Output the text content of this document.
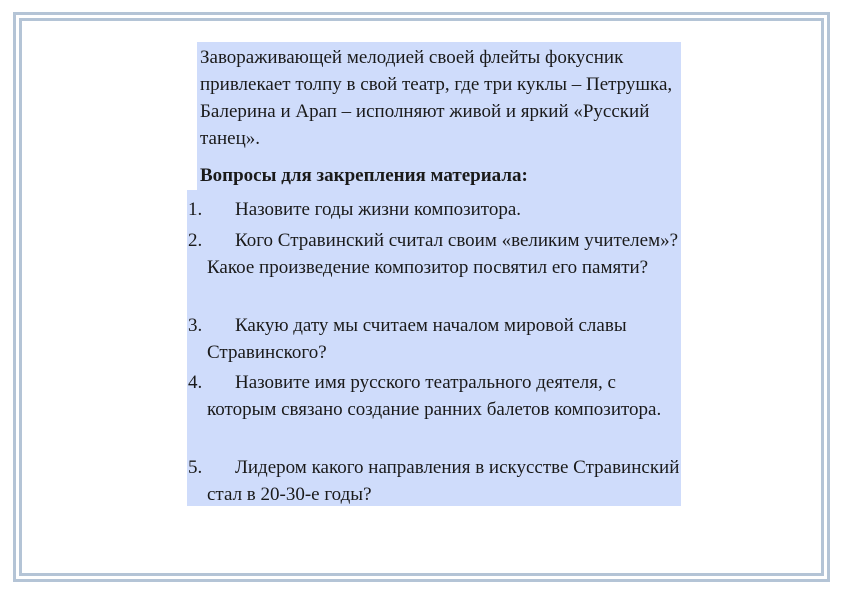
Завораживающей мелодией своей флейты фокусник привлекает толпу в свой театр, где три куклы – Петрушка, Балерина и Арап – исполняют живой и яркий «Русский танец».

Вопросы для закрепления материала:

1.	Назовите годы жизни композитора.
2.	Кого Стравинский считал своим «великим учителем»? Какое произведение композитор посвятил его памяти?
3.	Какую дату мы считаем началом мировой славы Стравинского?
4.	Назовите имя русского театрального деятеля, с которым связано создание ранних балетов композитора.
5.	Лидером какого направления в искусстве Стравинский стал в 20-30-е годы?
